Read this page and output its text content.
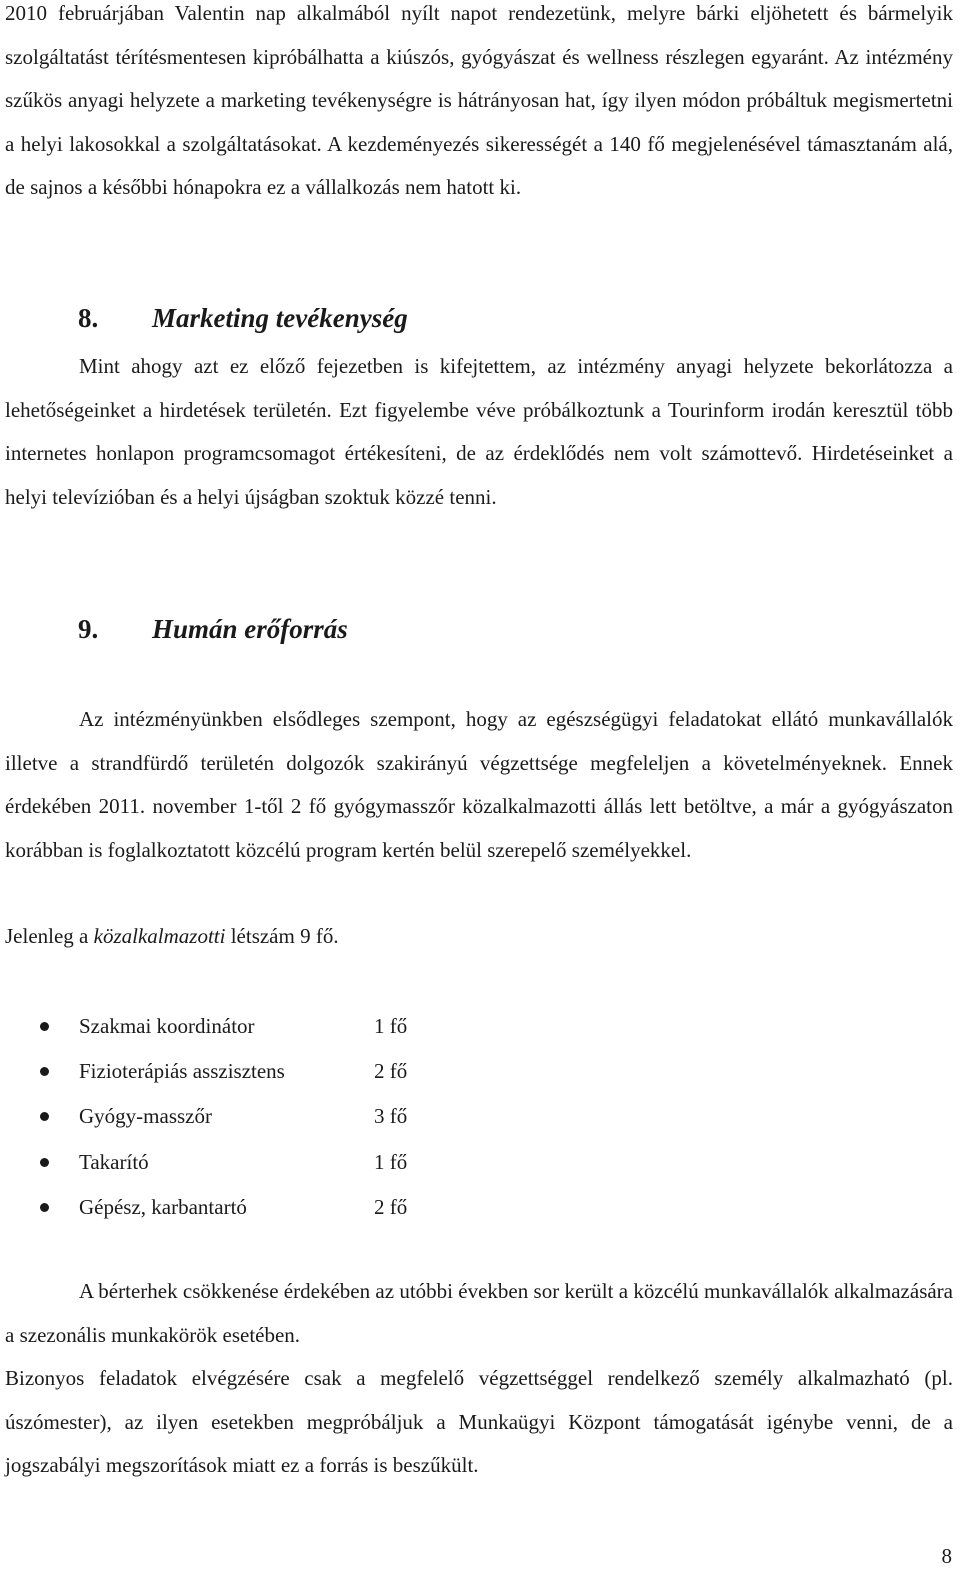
2010 februárjában Valentin nap alkalmából nyílt napot rendezetünk, melyre bárki eljöhetett és bármelyik szolgáltatást térítésmentesen kipróbálhatta a kiúszós, gyógyászat és wellness részlegen egyaránt. Az intézmény szűkös anyagi helyzete a marketing tevékenységre is hátrányosan hat, így ilyen módon próbáltuk megismertetni a helyi lakosokkal a szolgáltatásokat. A kezdeményezés sikerességét a 140 fő megjelenésével támasztanám alá, de sajnos a későbbi hónapokra ez a vállalkozás nem hatott ki.

8. Marketing tevékenység

Mint ahogy azt ez előző fejezetben is kifejtettem, az intézmény anyagi helyzete bekorlátozza a lehetőségeinket a hirdetések területén. Ezt figyelembe véve próbálkoztunk a Tourinform irodán keresztül több internetes honlapon programcsomagot értékesíteni, de az érdeklődés nem volt számottevő. Hirdetéseinket a helyi televízióban és a helyi újságban szoktuk közzé tenni.

9. Humán erőforrás

Az intézményünkben elsődleges szempont, hogy az egészségügyi feladatokat ellátó munkavállalók illetve a strandfürdő területén dolgozók szakirányú végzettsége megfeleljen a követelményeknek. Ennek érdekében 2011. november 1-től 2 fő gyógymasszőr közalkalmazotti állás lett betöltve, a már a gyógyászaton korábban is foglalkoztatott közcélú program kertén belül szerepelő személyekkel.

Jelenleg a közalkalmazotti létszám 9 fő.

Szakmai koordinátor	1 fő
Fizioterápiás asszisztens	2 fő
Gyógy-masszőr	3 fő
Takarító	1 fő
Gépész, karbantartó	2 fő

A bérterhek csökkenése érdekében az utóbbi években sor került a közcélú munkavállalók alkalmazására a szezonális munkakörök esetében.

Bizonyos feladatok elvégzésére csak a megfelelő végzettséggel rendelkező személy alkalmazható (pl. úszómester), az ilyen esetekben megpróbáljuk a Munkaügyi Központ támogatását igénybe venni, de a jogszabályi megszorítások miatt ez a forrás is beszűkült.

8
